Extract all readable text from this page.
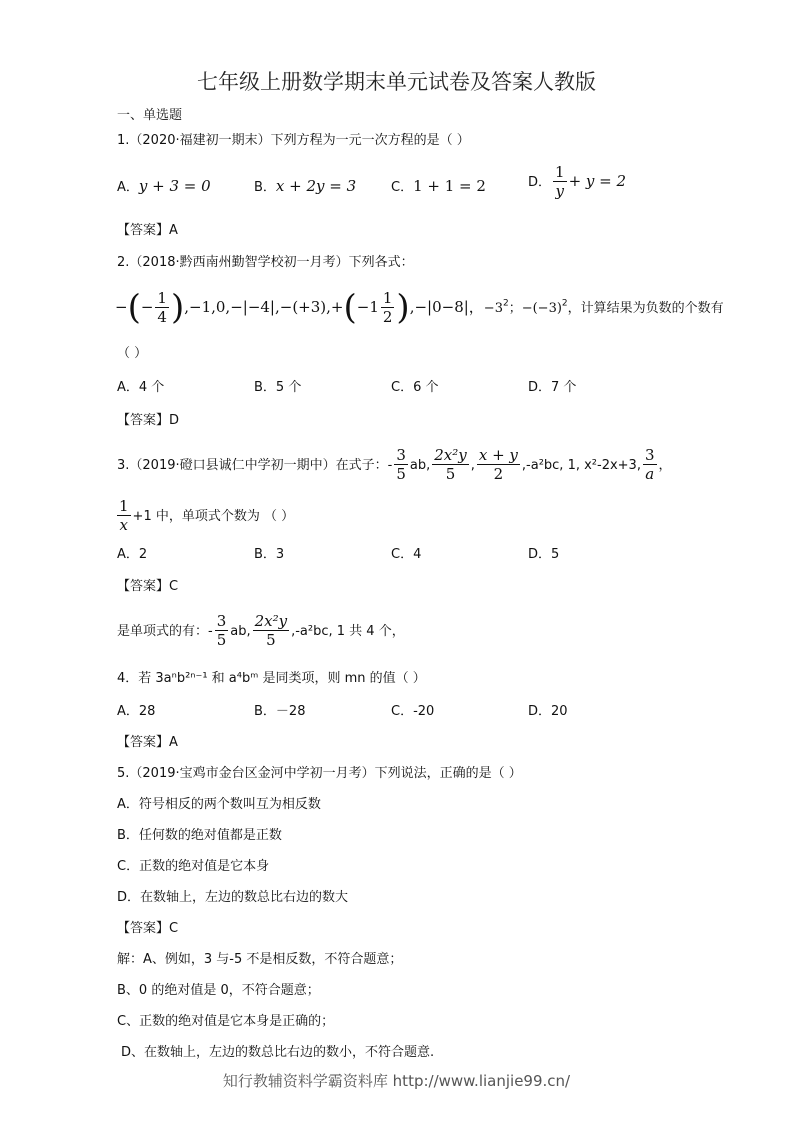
七年级上册数学期末单元试卷及答案人教版
一、单选题
1.（2020·福建初一期末）下列方程为一元一次方程的是（ ）
A．y + 3 = 0	B．x + 2y = 3	C．1 + 1 = 2	D． $\frac{1}{y} + y = 2$
【答案】A
2.（2018·黔西南州勤智学校初一月考）下列各式：
−(− $\frac{1}{4} ),-1,0,-|-4|,-(+3),+(-1 \frac{1}{2} ),-|0-8|$，$-3^2$；$-(-3)^2$，计算结果为负数的个数有
（ ）
A．4 个	B．5 个	C．6 个	D．7 个
【答案】D
3.（2019·磴口县诚仁中学初一期中）在式子：- $\frac{3}{5}$ ab, $\frac{\text{2x²y}}{5}$ , $\frac{x + y}{2} ,-a^2bc$, 1, x²-2x+3, $\frac{3}{a}$ ，
$\frac{1}{x} +1$ 中，单项式个数为 （ ）
A．2	B．3	C．4	D．5
【答案】C
是单项式的有：- $\frac{3}{5}$ ab, $\frac{\text{2x²y}}{5} ,-a^2bc$, 1 共 4 个，
4．若 3aⁿb²ⁿ⁻¹ 和 a⁴bᵐ 是同类项，则 mn 的值（ ）
A．28	B．－28	C．-20	D．20
【答案】A
5.（2019·宝鸡市金台区金河中学初一月考）下列说法，正确的是（ ）
A．符号相反的两个数叫互为相反数
B．任何数的绝对值都是正数
C．正数的绝对值是它本身
D．在数轴上，左边的数总比右边的数大
【答案】C
解：A、例如，3 与-5 不是相反数，不符合题意；
B、0 的绝对值是 0，不符合题意；
C、正数的绝对值是它本身是正确的；
D、在数轴上，左边的数总比右边的数小，不符合题意.
知行教辅资料学霸资料库 http://www.lianjie99.cn/
